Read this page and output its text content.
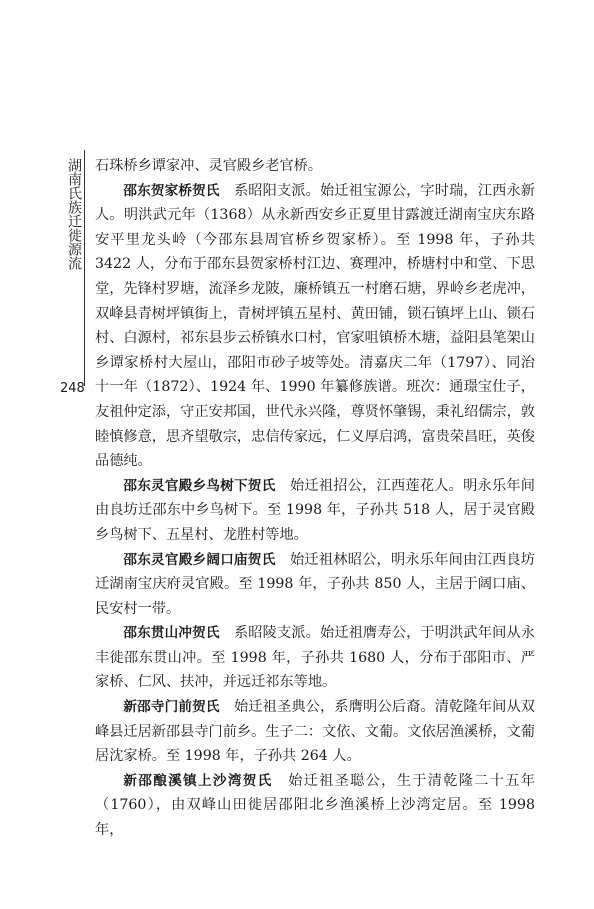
湖南氏族迁徙源流
248

石珠桥乡谭家冲、灵官殿乡老官桥。

邵东贺家桥贺氏　系昭阳支派。始迁祖宝源公，字时瑞，江西永新人。明洪武元年（1368）从永新西安乡正夏里甘露渡迁湖南宝庆东路安平里龙头岭（今邵东县周官桥乡贺家桥）。至 1998 年，子孙共 3422 人，分布于邵东县贺家桥村江边、赛理冲，桥塘村中和堂、下思堂，先锋村罗塘，流泽乡龙陂，廉桥镇五一村磨石塘，界岭乡老虎冲，双峰县青树坪镇街上，青树坪镇五星村、黄田铺，锁石镇坪上山、锁石村、白源村，祁东县步云桥镇水口村，官家咀镇桥木塘，益阳县笔架山乡谭家桥村大屋山，邵阳市砂子坡等处。清嘉庆二年（1797）、同治十一年（1872）、1924 年、1990 年纂修族谱。班次：通璟宝仕子，友祖仲定添，守正安邦国，世代永兴隆，尊贤怀肇锡，秉礼绍儒宗，敦睦慎修意，思齐望敬宗，忠信传家远，仁义厚启鸿，富贵荣昌旺，英俊品德纯。

邵东灵官殿乡鸟树下贺氏　始迁祖招公，江西莲花人。明永乐年间由良坊迁邵东中乡鸟树下。至 1998 年，子孙共 518 人，居于灵官殿乡鸟树下、五星村、龙胜村等地。

邵东灵官殿乡阔口庙贺氏　始迁祖林昭公，明永乐年间由江西良坊迁湖南宝庆府灵官殿。至 1998 年，子孙共 850 人，主居于阔口庙、民安村一带。

邵东贯山冲贺氏　系昭陵支派。始迁祖膺寿公，于明洪武年间从永丰徙邵东贯山冲。至 1998 年，子孙共 1680 人，分布于邵阳市、严家桥、仁风、扶冲，并远迁祁东等地。

新邵寺门前贺氏　始迁祖圣典公，系膺明公后裔。清乾隆年间从双峰县迁居新邵县寺门前乡。生子二：文依、文葡。文依居渔溪桥，文葡居沈家桥。至 1998 年，子孙共 264 人。

新邵酿溪镇上沙湾贺氏　始迁祖圣聪公，生于清乾隆二十五年（1760），由双峰山田徙居邵阳北乡渔溪桥上沙湾定居。至 1998 年，
